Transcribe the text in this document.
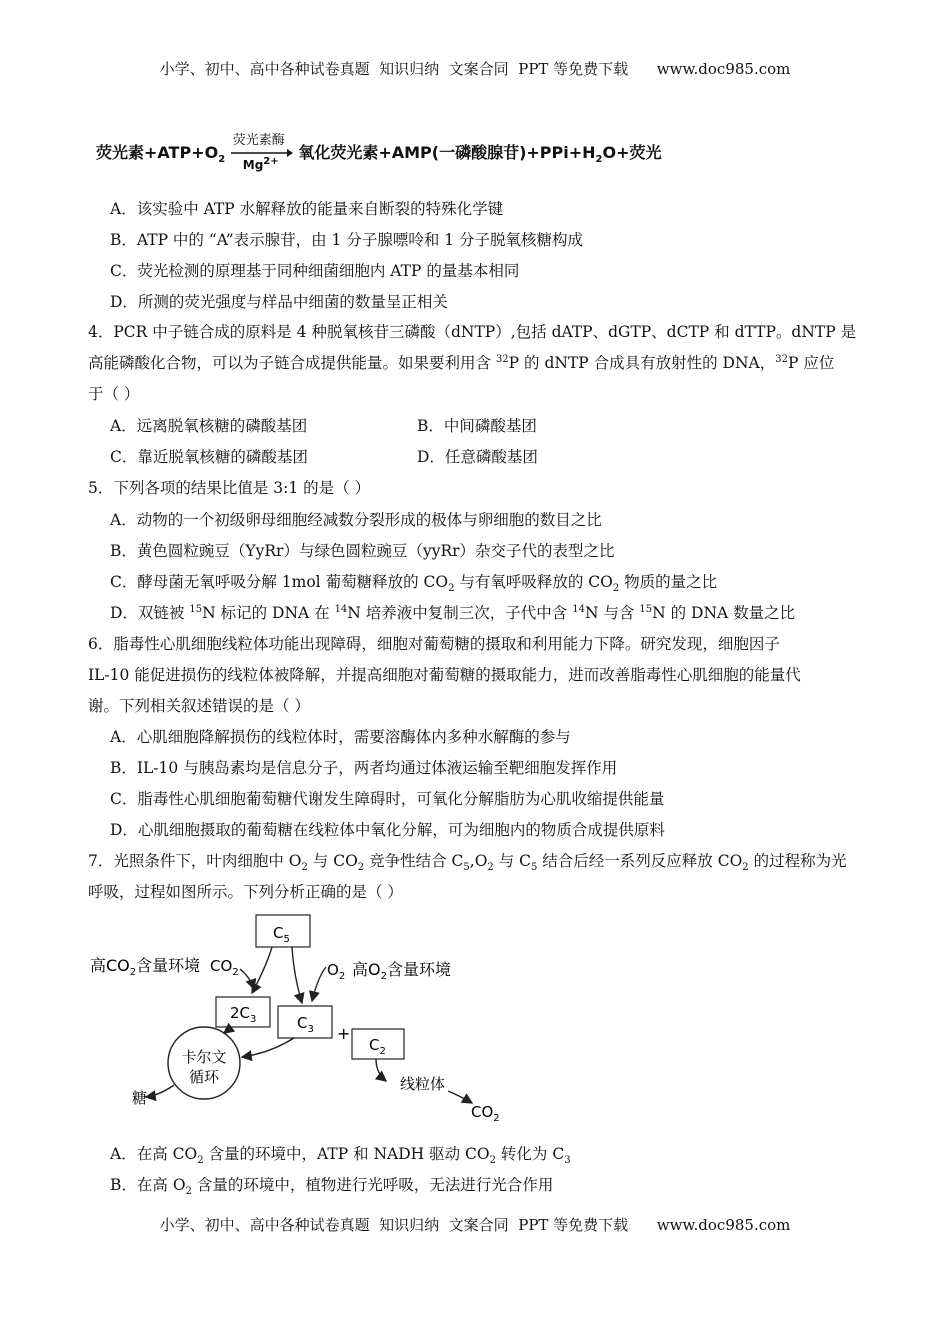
小学、初中、高中各种试卷真题  知识归纳  文案合同  PPT 等免费下载      www.doc985.com
荧光素$+ATP+O_2$
荧光素酶
$Mg^{2+}$ 氧化荧光素+AMP(一磷酸腺苷)$+PPi+H_2O+$荧光
A．该实验中 ATP 水解释放的能量来自断裂的特殊化学键
B．ATP 中的 “A”表示腺苷，由 1 分子腺嘌呤和 1 分子脱氧核糖构成
C．荧光检测的原理基于同种细菌细胞内 ATP 的量基本相同
D．所测的荧光强度与样品中细菌的数量呈正相关
4．PCR 中子链合成的原料是 4 种脱氧核苷三磷酸（dNTP）,包括 dATP、dGTP、dCTP 和 dTTP。dNTP 是
高能磷酸化合物，可以为子链合成提供能量。如果要利用含 $^{32}$P 的 dNTP 合成具有放射性的 DNA，$^{32}$P 应位
于（ ）
A．远离脱氧核糖的磷酸基团	B．中间磷酸基团
C．靠近脱氧核糖的磷酸基团	D．任意磷酸基团
5．下列各项的结果比值是 3:1 的是（ ）
A．动物的一个初级卵母细胞经减数分裂形成的极体与卵细胞的数目之比
B．黄色圆粒豌豆（YyRr）与绿色圆粒豌豆（yyRr）杂交子代的表型之比
C．酵母菌无氧呼吸分解 1mol 葡萄糖释放的 $CO_2$ 与有氧呼吸释放的 $CO_2$ 物质的量之比
D．双链被 $^{15}$N 标记的 DNA 在 $^{14}$N 培养液中复制三次，子代中含 $^{14}$N 与含 $^{15}$N 的 DNA 数量之比
6．脂毒性心肌细胞线粒体功能出现障碍，细胞对葡萄糖的摄取和利用能力下降。研究发现，细胞因子
IL-10 能促进损伤的线粒体被降解，并提高细胞对葡萄糖的摄取能力，进而改善脂毒性心肌细胞的能量代
谢。下列相关叙述错误的是（ ）
A．心肌细胞降解损伤的线粒体时，需要溶酶体内多种水解酶的参与
B．IL-10 与胰岛素均是信息分子，两者均通过体液运输至靶细胞发挥作用
C．脂毒性心肌细胞葡萄糖代谢发生障碍时，可氧化分解脂肪为心肌收缩提供能量
D．心肌细胞摄取的葡萄糖在线粒体中氧化分解，可为细胞内的物质合成提供原料
7．光照条件下，叶肉细胞中 $O_2$ 与 $CO_2$ 竞争性结合 $C_5,O_2$ 与 $C_5$ 结合后经一系列反应释放 $CO_2$ 的过程称为光
呼吸，过程如图所示。下列分析正确的是（ ）
$C_5$
高$CO_2$含量环境 $CO_2$	$O_2$ 高$O_2$含量环境
$2C_3$	$C_3$ +
$C_2$
卡尔文
循环
糖
线粒体
$CO_2$
A．在高 $CO_2$ 含量的环境中，ATP 和 NADH 驱动 $CO_2$ 转化为 $C_3$
B．在高 $O_2$ 含量的环境中，植物进行光呼吸，无法进行光合作用
小学、初中、高中各种试卷真题  知识归纳  文案合同  PPT 等免费下载      www.doc985.com
